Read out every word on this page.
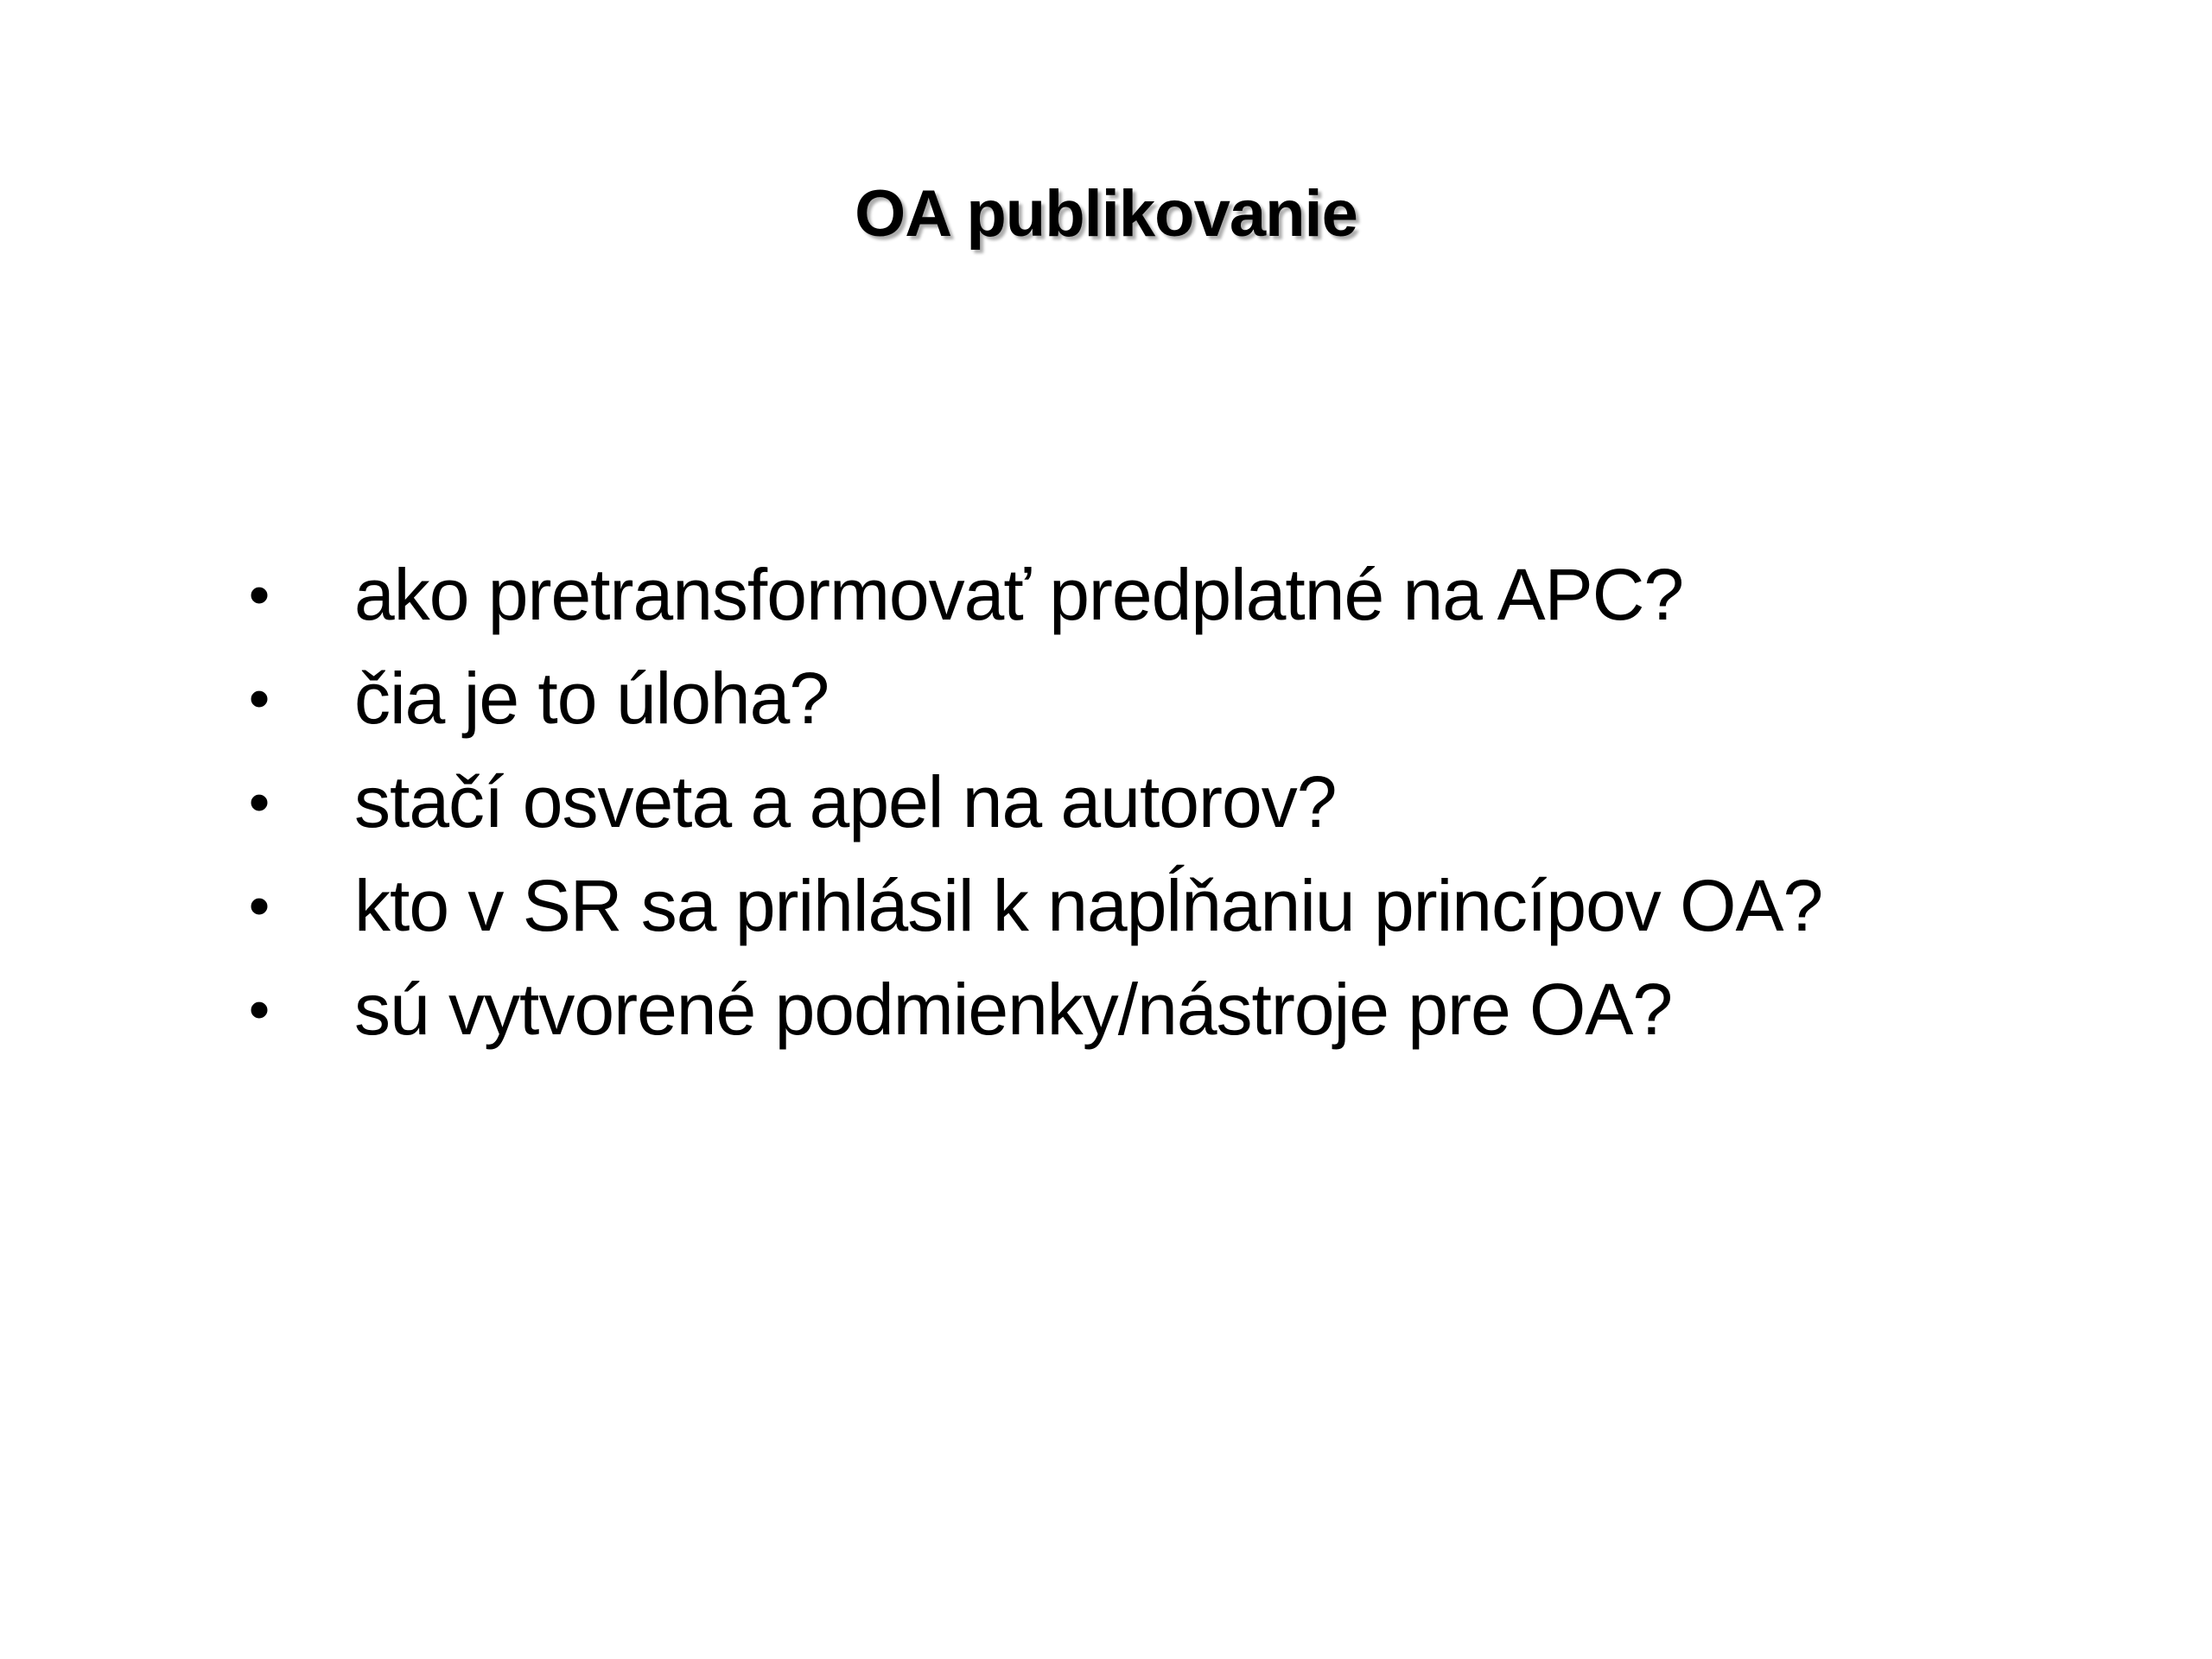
OA publikovanie
• ako pretransformovať predplatné na APC?
• čia je to úloha?
• stačí osveta a apel na autorov?
• kto v SR sa prihlásil k napĺňaniu princípov OA?
• sú vytvorené podmienky/nástroje pre OA?
